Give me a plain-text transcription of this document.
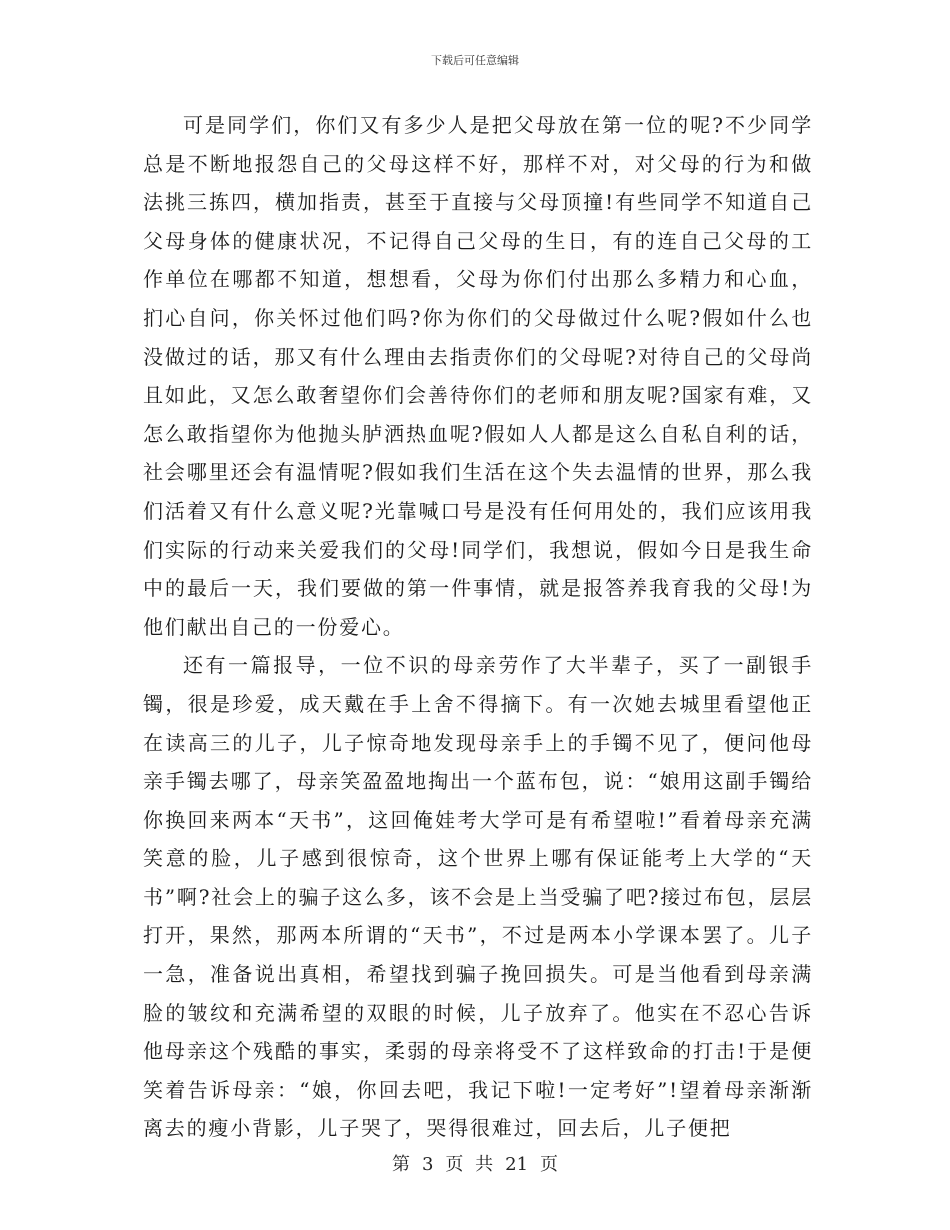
下载后可任意编辑

可是同学们，你们又有多少人是把父母放在第一位的呢?不少同学总是不断地报怨自己的父母这样不好，那样不对，对父母的行为和做法挑三拣四，横加指责，甚至于直接与父母顶撞!有些同学不知道自己父母身体的健康状况，不记得自己父母的生日，有的连自己父母的工作单位在哪都不知道，想想看，父母为你们付出那么多精力和心血，扪心自问，你关怀过他们吗?你为你们的父母做过什么呢?假如什么也没做过的话，那又有什么理由去指责你们的父母呢?对待自己的父母尚且如此，又怎么敢奢望你们会善待你们的老师和朋友呢?国家有难，又怎么敢指望你为他抛头胪洒热血呢?假如人人都是这么自私自利的话，社会哪里还会有温情呢?假如我们生活在这个失去温情的世界，那么我们活着又有什么意义呢?光靠喊口号是没有任何用处的，我们应该用我们实际的行动来关爱我们的父母!同学们，我想说，假如今日是我生命中的最后一天，我们要做的第一件事情，就是报答养我育我的父母!为他们献出自己的一份爱心。

还有一篇报导，一位不识的母亲劳作了大半辈子，买了一副银手镯，很是珍爱，成天戴在手上舍不得摘下。有一次她去城里看望他正在读高三的儿子，儿子惊奇地发现母亲手上的手镯不见了，便问他母亲手镯去哪了，母亲笑盈盈地掏出一个蓝布包，说：“娘用这副手镯给你换回来两本“天书”，这回俺娃考大学可是有希望啦!”看着母亲充满笑意的脸，儿子感到很惊奇，这个世界上哪有保证能考上大学的“天书”啊?社会上的骗子这么多，该不会是上当受骗了吧?接过布包，层层打开，果然，那两本所谓的“天书”，不过是两本小学课本罢了。儿子一急，准备说出真相，希望找到骗子挽回损失。可是当他看到母亲满脸的皱纹和充满希望的双眼的时候，儿子放弃了。他实在不忍心告诉他母亲这个残酷的事实，柔弱的母亲将受不了这样致命的打击!于是便笑着告诉母亲：“娘，你回去吧，我记下啦!一定考好”!望着母亲渐渐离去的瘦小背影，儿子哭了，哭得很难过，回去后，儿子便把

第 3 页 共 21 页
